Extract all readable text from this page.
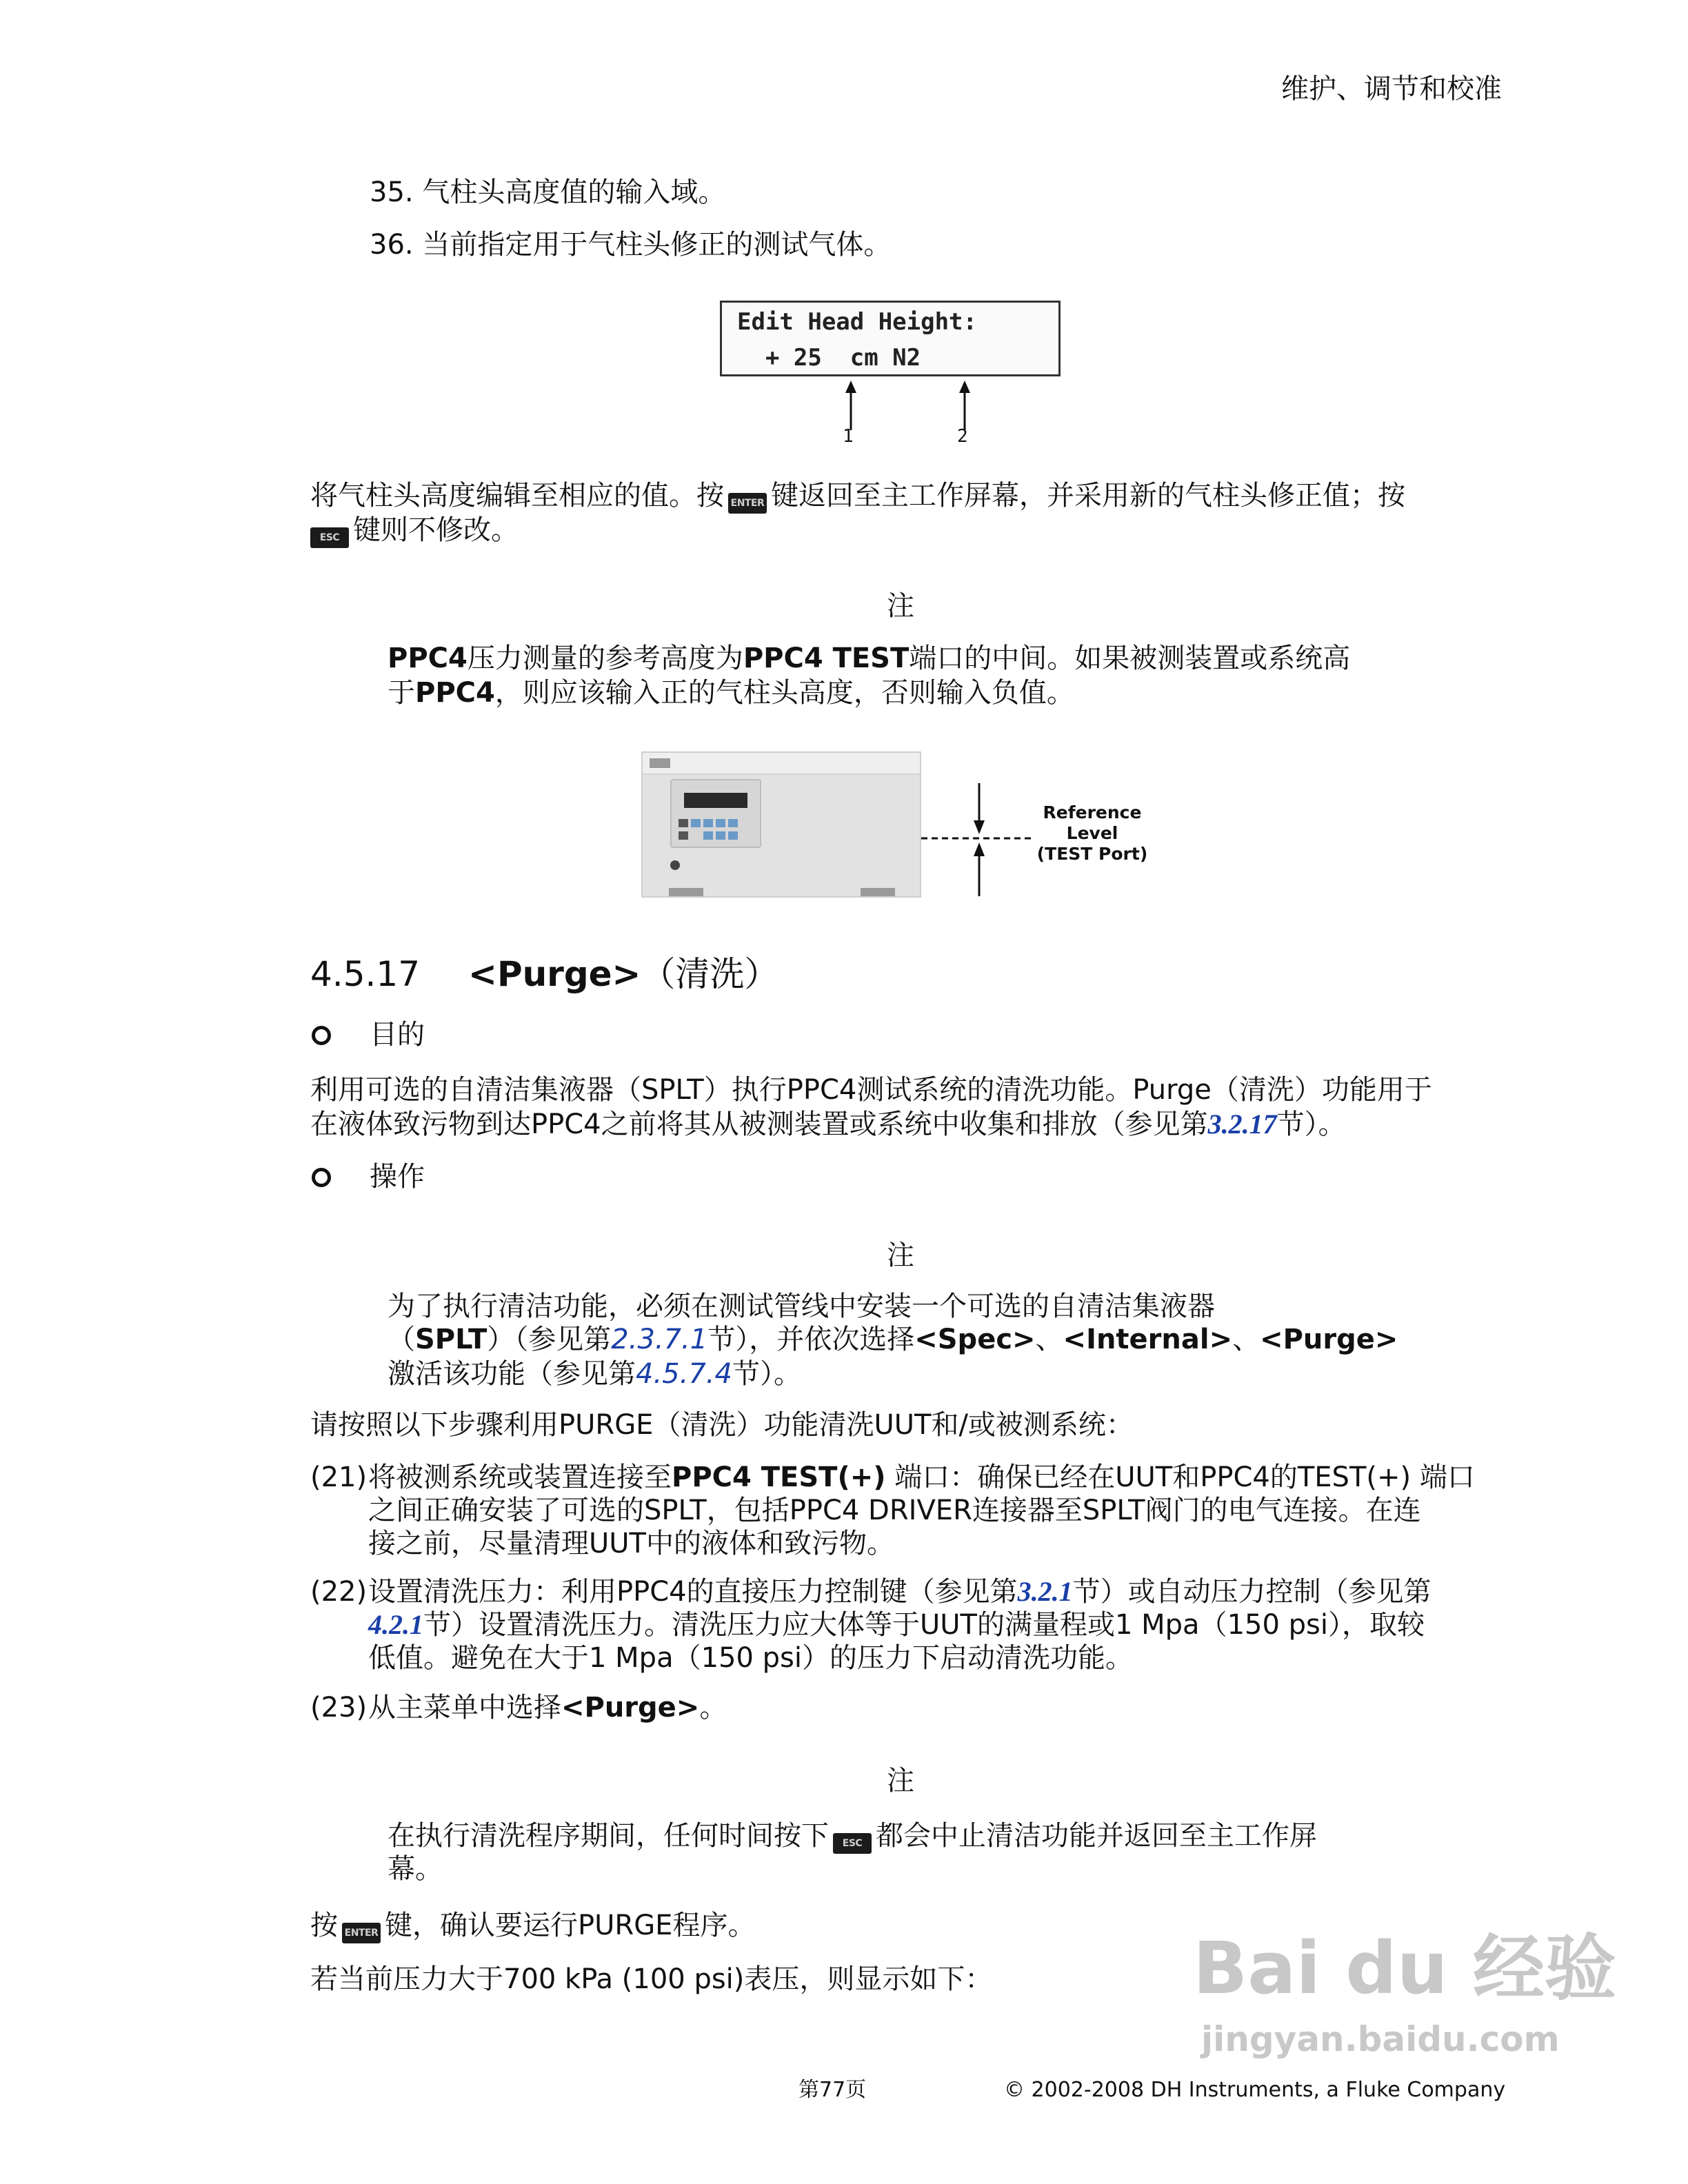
维护、调节和校准
35. 气柱头高度值的输入域。
36. 当前指定用于气柱头修正的测试气体。
Edit Head Height:
+ 25  cm N2
1	2
将气柱头高度编辑至相应的值。按 ENTER 键返回至主工作屏幕，并采用新的气柱头修正值；按
ESC 键则不修改。
注
PPC4压力测量的参考高度为PPC4 TEST端口的中间。如果被测装置或系统高
于PPC4，则应该输入正的气柱头高度，否则输入负值。
Reference
Level
(TEST Port)
4.5.17 <Purge>（清洗）
目的
利用可选的自清洁集液器（SPLT）执行PPC4测试系统的清洗功能。Purge（清洗）功能用于
在液体致污物到达PPC4之前将其从被测装置或系统中收集和排放（参见第3.2.17节）。
操作
注
为了执行清洁功能，必须在测试管线中安装一个可选的自清洁集液器
（SPLT）（参见第2.3.7.1节），并依次选择<Spec>、<Internal>、<Purge>
激活该功能（参见第4.5.7.4节）。
请按照以下步骤利用PURGE（清洗）功能清洗UUT和/或被测系统：
(21) 将被测系统或装置连接至PPC4 TEST(+) 端口：确保已经在UUT和PPC4的TEST(+) 端口
之间正确安装了可选的SPLT，包括PPC4 DRIVER连接器至SPLT阀门的电气连接。在连
接之前，尽量清理UUT中的液体和致污物。
(22) 设置清洗压力：利用PPC4的直接压力控制键（参见第3.2.1节）或自动压力控制（参见第
4.2.1节）设置清洗压力。清洗压力应大体等于UUT的满量程或1 Mpa（150 psi），取较
低值。避免在大于1 Mpa（150 psi）的压力下启动清洗功能。
(23) 从主菜单中选择<Purge>。
注
在执行清洗程序期间，任何时间按下 ESC 都会中止清洁功能并返回至主工作屏
幕。
按 ENTER 键，确认要运行PURGE程序。
若当前压力大于700 kPa (100 psi)表压，则显示如下：	Bai du 经验
jingyan.baidu.com
第77页	© 2002-2008 DH Instruments, a Fluke Company
